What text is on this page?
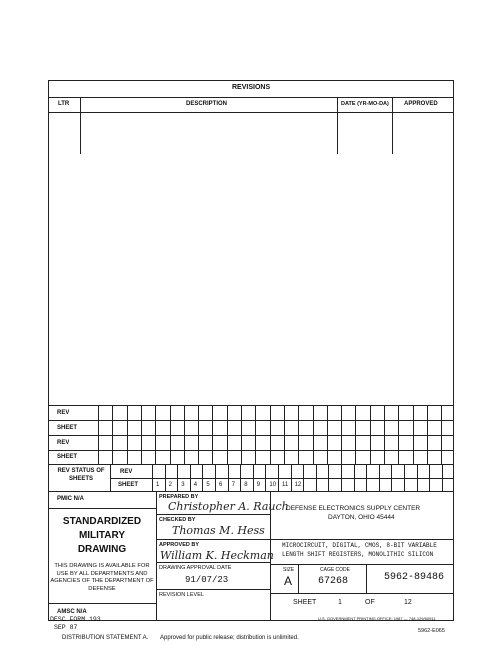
REVISIONS
LTR	DESCRIPTION	DATE (YR-MO-DA)	APPROVED
REV
SHEET
REV
SHEET
REV STATUS OF SHEETS
REV
SHEET	1 2 3 4 5 6 7 8 9 10 11 12
PMIC N/A
STANDARDIZED
MILITARY
DRAWING
THIS DRAWING IS AVAILABLE FOR USE BY ALL DEPARTMENTS AND AGENCIES OF THE DEPARTMENT OF DEFENSE
AMSC N/A
PREPARED BY
Christopher A. Rauch
CHECKED BY
Thomas M. Hess
APPROVED BY
William K. Heckman
DRAWING APPROVAL DATE
91/07/23
REVISION LEVEL
DEFENSE ELECTRONICS SUPPLY CENTER
DAYTON, OHIO 45444
MICROCIRCUIT, DIGITAL, CMOS, 8-BIT VARIABLE
LENGTH SHIFT REGISTERS, MONOLITHIC SILICON
SIZE
A
CAGE CODE
67268	5962-89486
SHEET	1	OF	12
DESC FORM 193
SEP 87
U.S. GOVERNMENT PRINTING OFFICE: 1987 — 748-129/60911
5962-E065
DISTRIBUTION STATEMENT A. Approved for public release; distribution is unlimited.
